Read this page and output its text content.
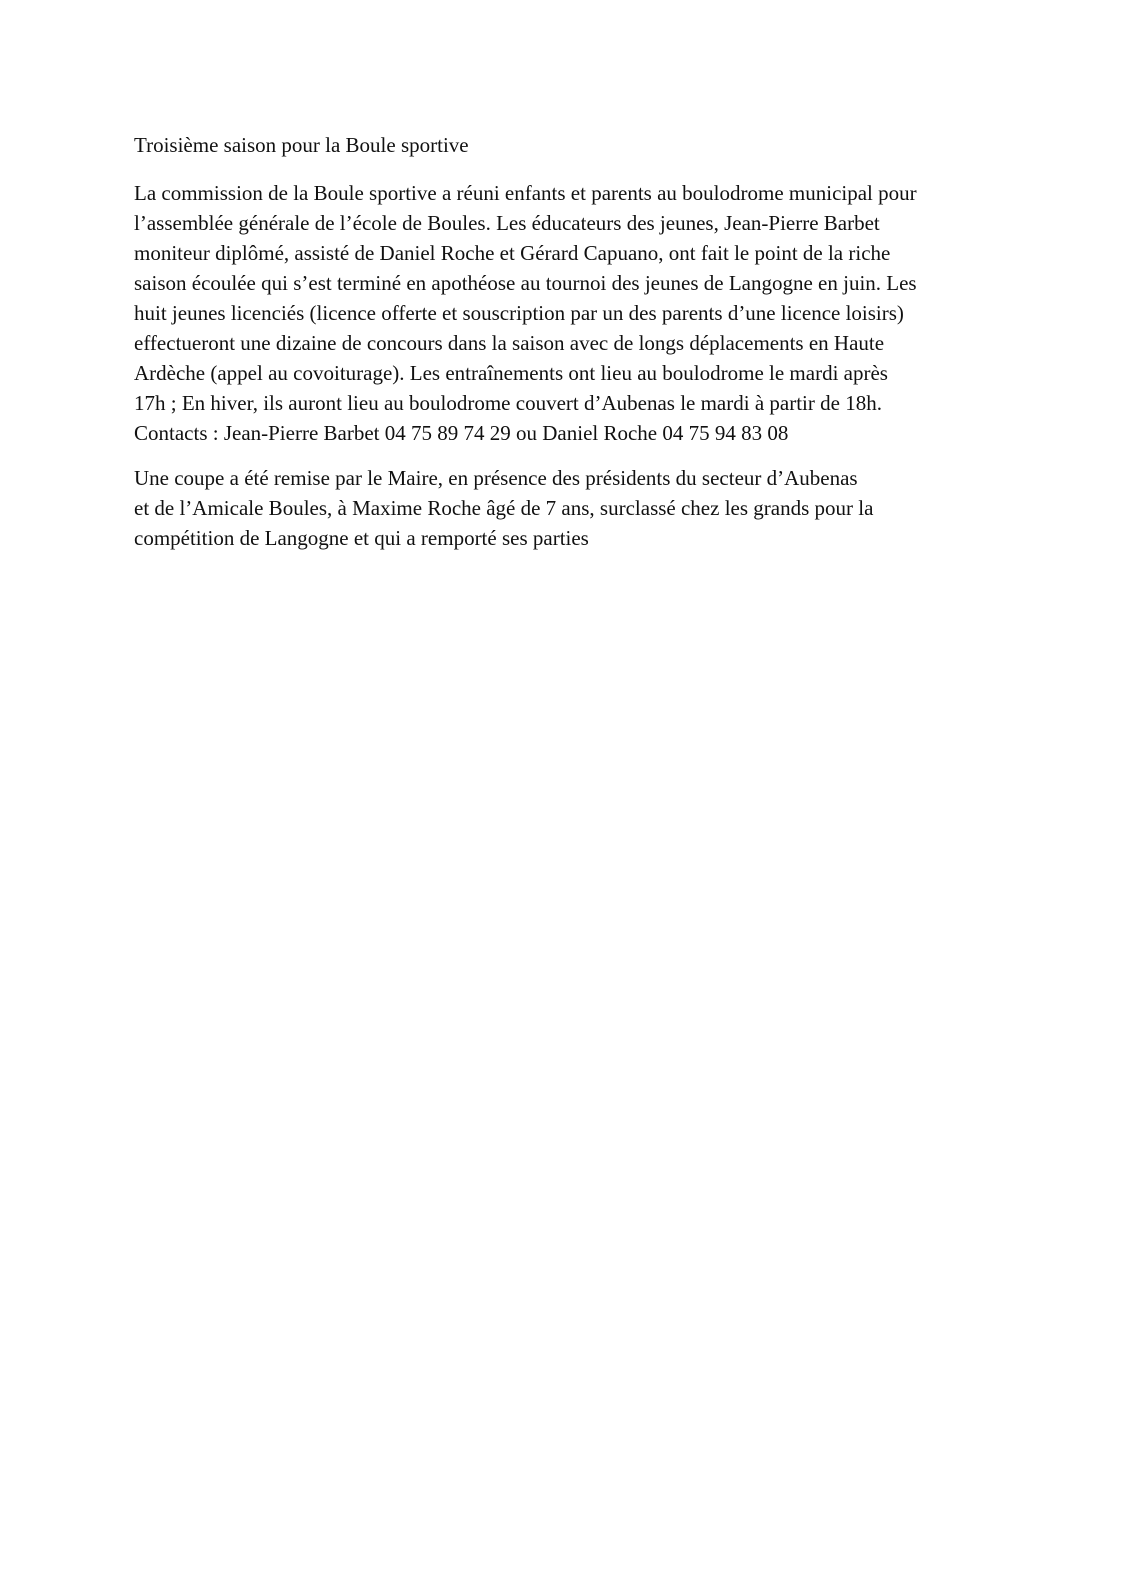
Troisième saison pour la Boule sportive

La commission de la Boule sportive a réuni enfants et parents au boulodrome municipal pour
l’assemblée générale de l’école de Boules. Les éducateurs des jeunes, Jean-Pierre Barbet
moniteur diplômé, assisté de Daniel Roche et Gérard Capuano, ont fait le point de la riche
saison écoulée qui s’est terminé en apothéose au tournoi des jeunes de Langogne en juin. Les
huit jeunes licenciés (licence offerte et souscription par un des parents d’une licence loisirs)
effectueront une dizaine de concours dans la saison avec de longs déplacements en Haute
Ardèche (appel au covoiturage). Les entraînements ont lieu au boulodrome le mardi après
17h ; En hiver, ils auront lieu au boulodrome couvert d’Aubenas le mardi à partir de 18h.
Contacts : Jean-Pierre Barbet 04 75 89 74 29 ou Daniel Roche 04 75 94 83 08

Une coupe a été remise par le Maire, en présence des présidents du secteur d’Aubenas
et de l’Amicale Boules, à Maxime Roche âgé de 7 ans, surclassé chez les grands pour la
compétition de Langogne et qui a remporté ses parties
